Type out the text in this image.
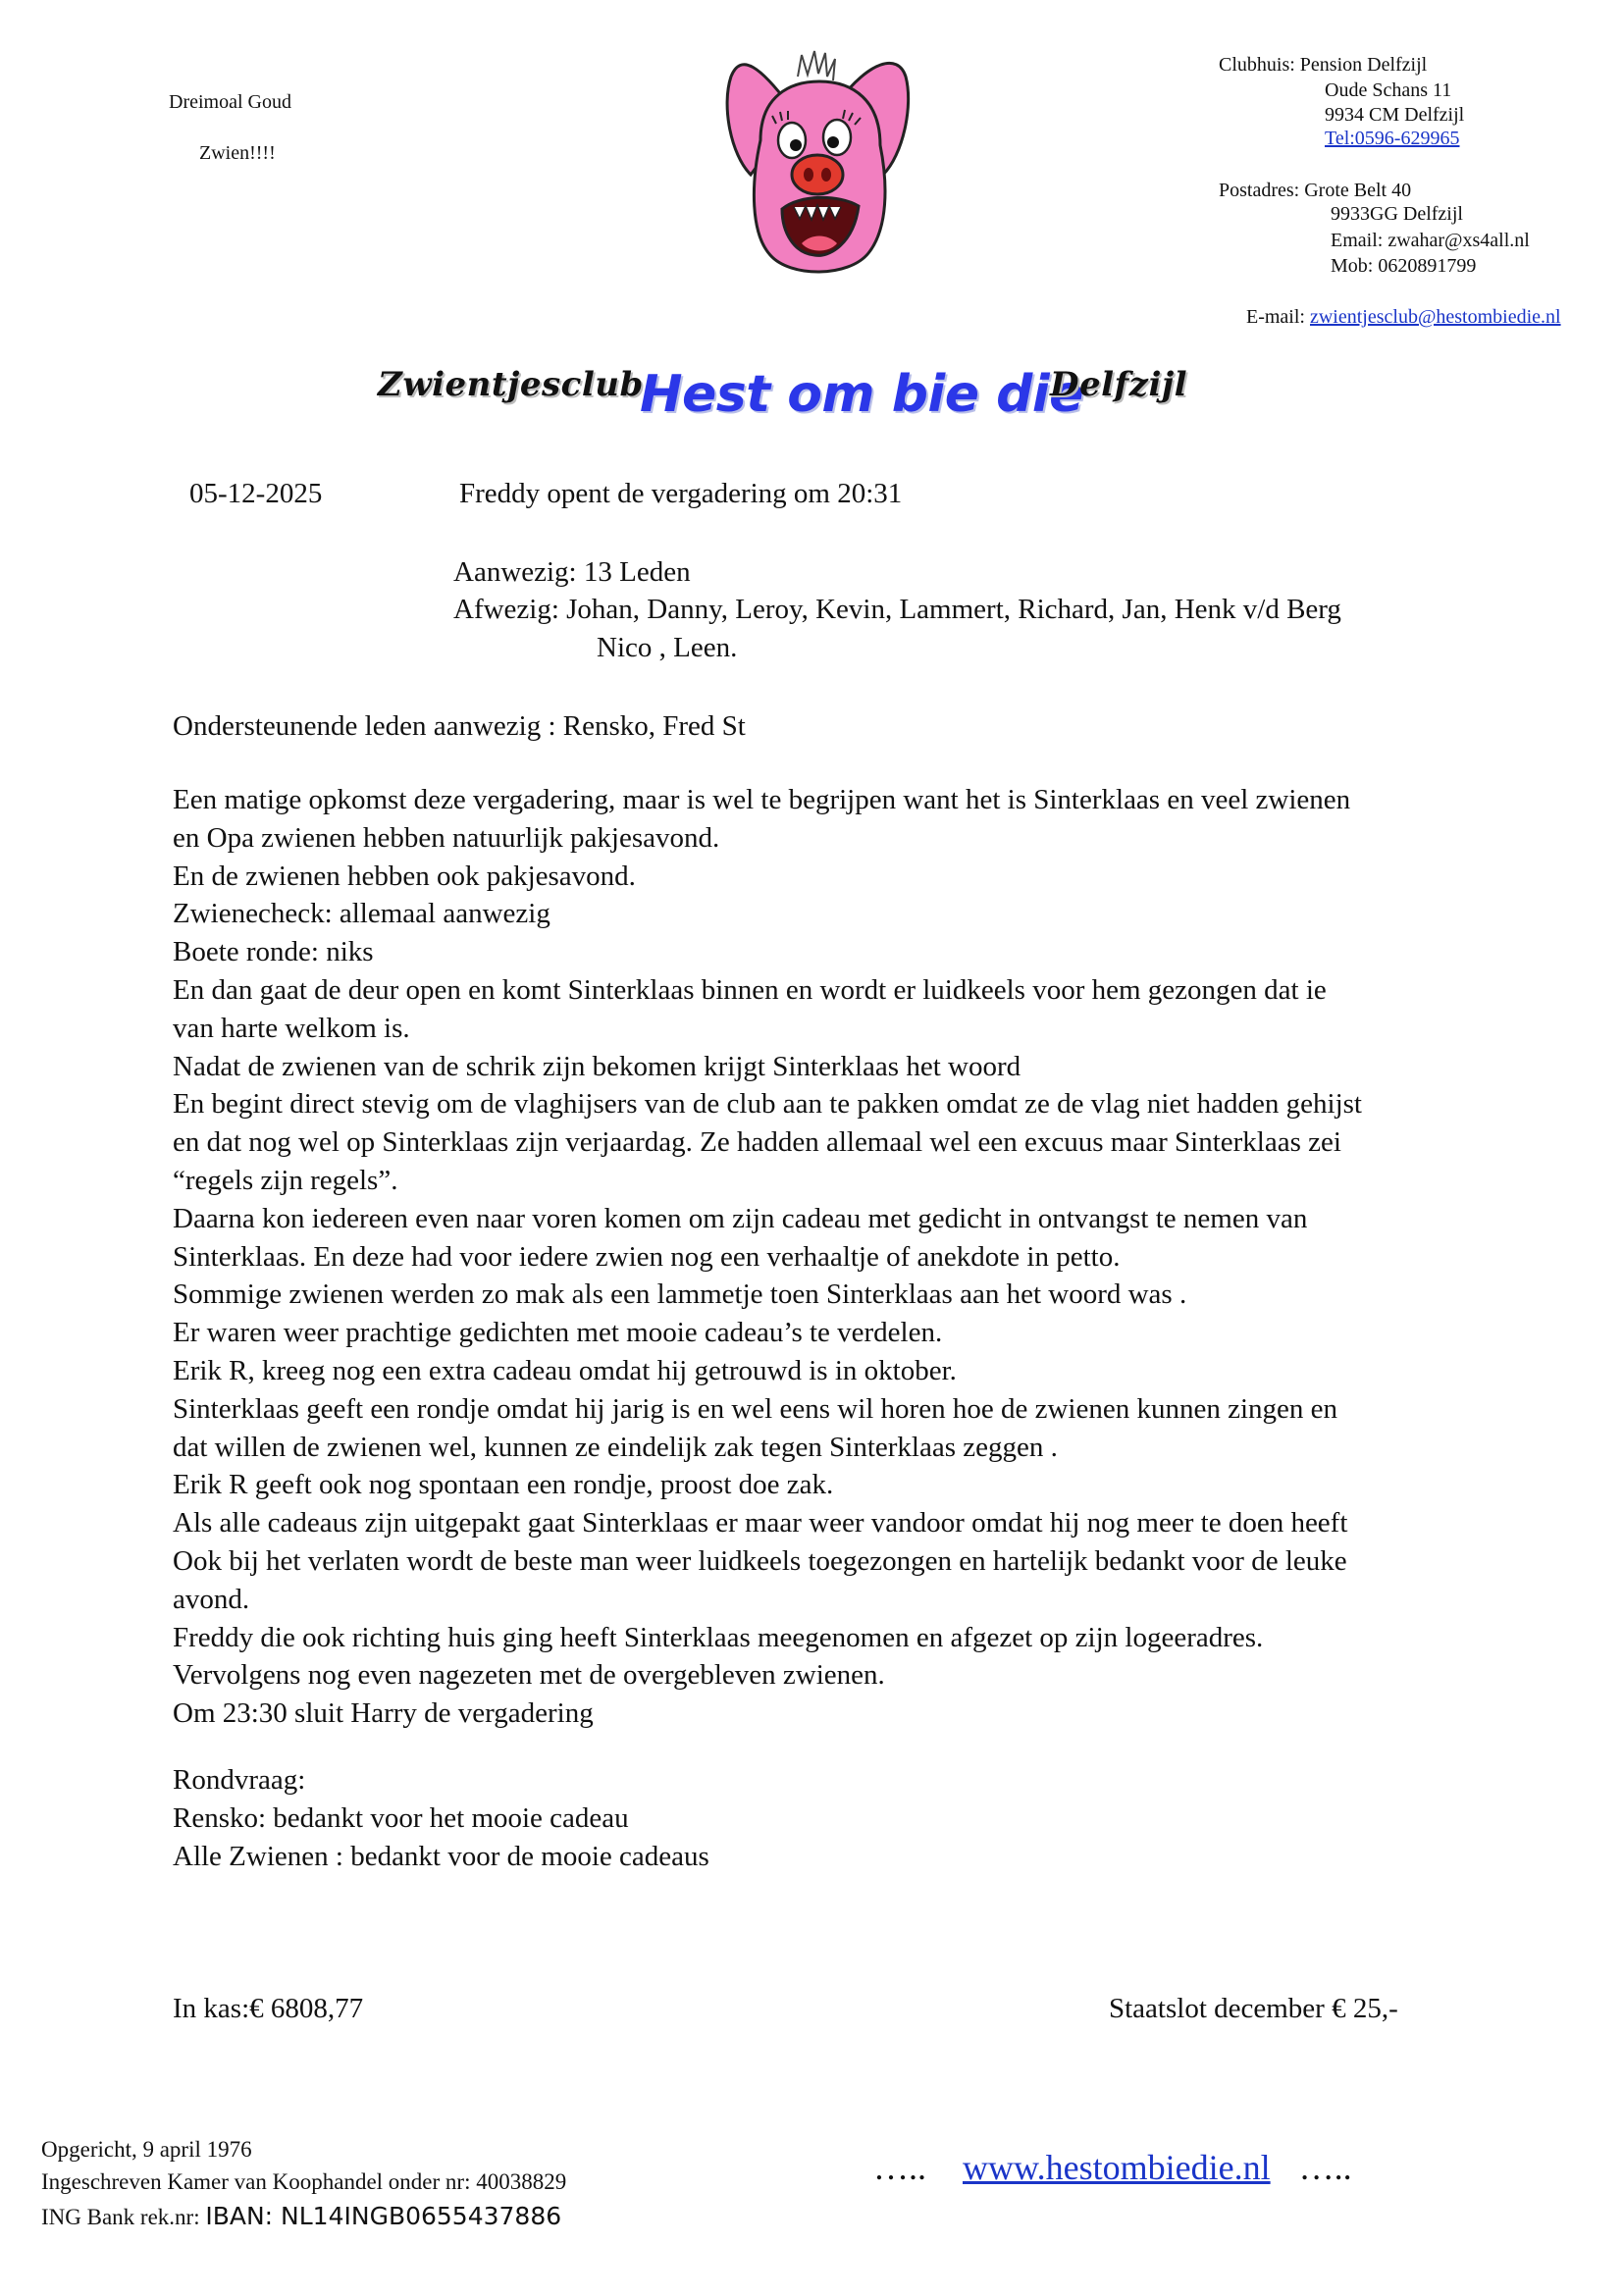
Dreimoal Goud
Zwien!!!!
Clubhuis: Pension Delfzijl
Oude Schans 11
9934 CM Delfzijl
Tel:0596-629965
Postadres: Grote Belt 40
9933GG Delfzijl
Email: zwahar@xs4all.nl
Mob: 0620891799
E-mail: zwientjesclub@hestombiedie.nl
Zwientjesclub
Hest om bie die
Delfzijl
05-12-2025	Freddy opent de vergadering om 20:31
Aanwezig: 13 Leden
Afwezig: Johan, Danny, Leroy, Kevin, Lammert, Richard, Jan, Henk v/d Berg
Nico , Leen.
Ondersteunende leden aanwezig : Rensko, Fred St
Een matige opkomst deze vergadering, maar is wel te begrijpen want het is Sinterklaas en veel zwienen
en Opa zwienen hebben natuurlijk pakjesavond.
En de zwienen hebben ook pakjesavond.
Zwienecheck: allemaal aanwezig
Boete ronde: niks
En dan gaat de deur open en komt Sinterklaas binnen en wordt er luidkeels voor hem gezongen dat ie
van harte welkom is.
Nadat de zwienen van de schrik zijn bekomen krijgt Sinterklaas het woord
En begint direct stevig om de vlaghijsers van de club aan te pakken omdat ze de vlag niet hadden gehijst
en dat nog wel op Sinterklaas zijn verjaardag. Ze hadden allemaal wel een excuus maar Sinterklaas zei
“regels zijn regels”.
Daarna kon iedereen even naar voren komen om zijn cadeau met gedicht in ontvangst te nemen van
Sinterklaas. En deze had voor iedere zwien nog een verhaaltje of anekdote in petto.
Sommige zwienen werden zo mak als een lammetje toen Sinterklaas aan het woord was .
Er waren weer prachtige gedichten met mooie cadeau’s te verdelen.
Erik R, kreeg nog een extra cadeau omdat hij getrouwd is in oktober.
Sinterklaas geeft een rondje omdat hij jarig is en wel eens wil horen hoe de zwienen kunnen zingen en
dat willen de zwienen wel, kunnen ze eindelijk zak tegen Sinterklaas zeggen .
Erik R geeft ook nog spontaan een rondje, proost doe zak.
Als alle cadeaus zijn uitgepakt gaat Sinterklaas er maar weer vandoor omdat hij nog meer te doen heeft
Ook bij het verlaten wordt de beste man weer luidkeels toegezongen en hartelijk bedankt voor de leuke
avond.
Freddy die ook richting huis ging heeft Sinterklaas meegenomen en afgezet op zijn logeeradres.
Vervolgens nog even nagezeten met de overgebleven zwienen.
Om 23:30 sluit Harry de vergadering
Rondvraag:
Rensko: bedankt voor het mooie cadeau
Alle Zwienen : bedankt voor de mooie cadeaus
In kas:€ 6808,77	Staatslot december € 25,-
Opgericht, 9 april 1976
Ingeschreven Kamer van Koophandel onder nr: 40038829
ING Bank rek.nr: IBAN: NL14INGB0655437886
….. www.hestombiedie.nl …..
